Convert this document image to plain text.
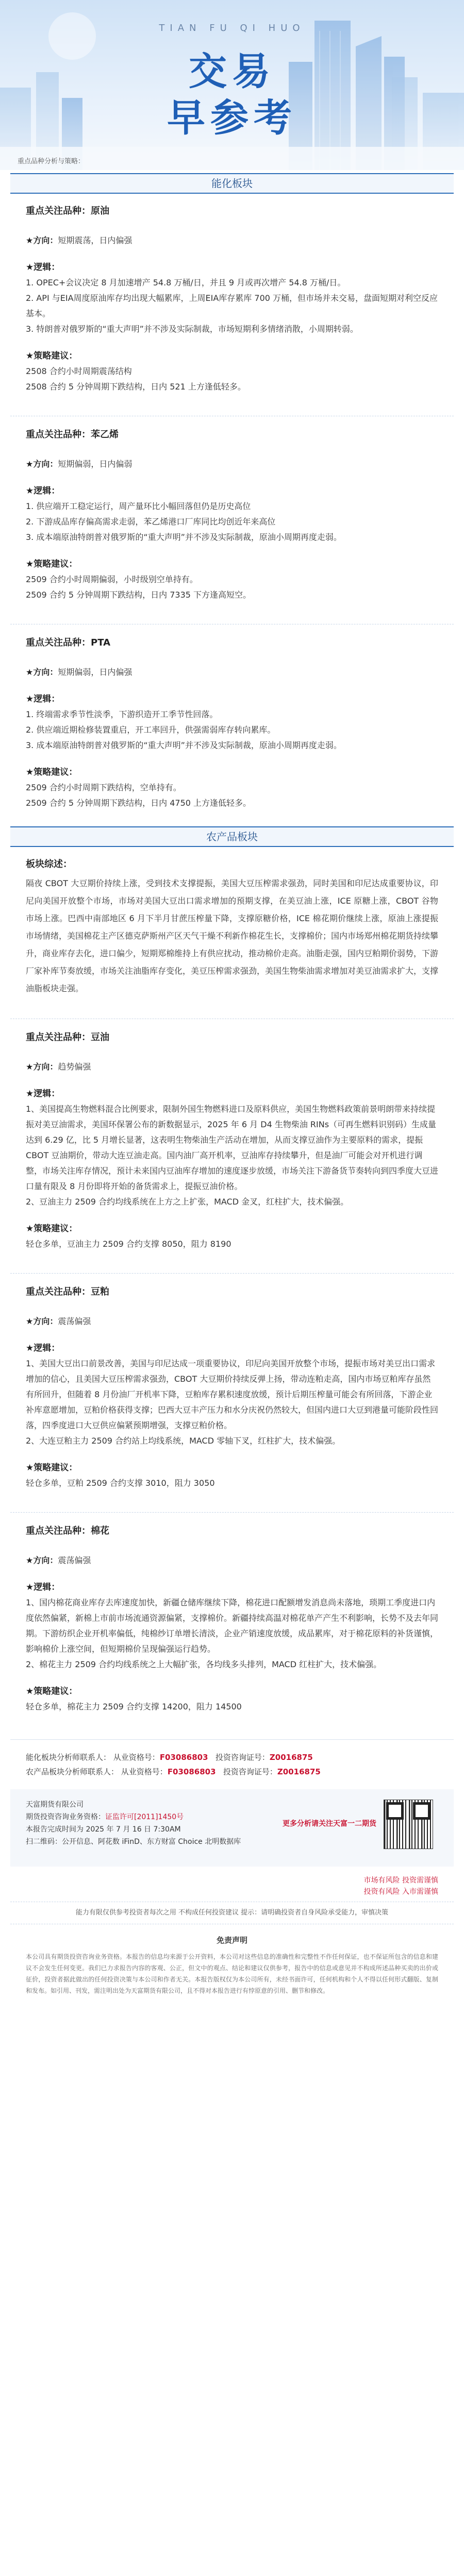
TIAN FU QI HUO
交易
早参考
重点品种分析与策略：
能化板块
重点关注品种：原油
★方向：短期震荡，日内偏强
★逻辑：
1. OPEC+会议决定 8 月加速增产 54.8 万桶/日，并且 9 月或再次增产 54.8 万桶/日。
2. API 与EIA周度原油库存均出现大幅累库，上周EIA库存累库 700 万桶，但市场并未交易，盘面短期对利空反应基本。
3. 特朗普对俄罗斯的“重大声明”并不涉及实际制裁，市场短期利多情绪消散，小周期转弱。
★策略建议：
2508 合约小时周期震荡结构
2508 合约 5 分钟周期下跌结构，日内 521 上方逢低轻多。
重点关注品种：苯乙烯
★方向：短期偏弱，日内偏弱
★逻辑：
1. 供应端开工稳定运行，周产量环比小幅回落但仍是历史高位
2. 下游成品库存偏高需求走弱，苯乙烯港口厂库同比均创近年来高位
3. 成本端原油特朗普对俄罗斯的“重大声明”并不涉及实际制裁，原油小周期再度走弱。
★策略建议：
2509 合约小时周期偏弱，小时级别空单持有。
2509 合约 5 分钟周期下跌结构，日内 7335 下方逢高短空。
重点关注品种：PTA
★方向：短期偏弱，日内偏强
★逻辑：
1. 终端需求季节性淡季，下游织造开工季节性回落。
2. 供应端近期检修装置重启，开工率回升，供强需弱库存转向累库。
3. 成本端原油特朗普对俄罗斯的“重大声明”并不涉及实际制裁，原油小周期再度走弱。
★策略建议：
2509 合约小时周期下跌结构，空单持有。
2509 合约 5 分钟周期下跌结构，日内 4750 上方逢低轻多。
农产品板块
板块综述：
隔夜 CBOT 大豆期价持续上涨，受到技术支撑提振，美国大豆压榨需求强劲，同时美国和印尼达成重要协议，印尼向美国开放整个市场，市场对美国大豆出口需求增加的预期支撑，在美豆油上涨，ICE 原糖上涨，CBOT 谷物市场上涨。巴西中南部地区 6 月下半月甘蔗压榨量下降，支撑原糖价格，ICE 棉花期价继续上涨，原油上涨提振市场情绪，美国棉花主产区德克萨斯州产区天气干燥不利新作棉花生长，支撑棉价；国内市场郑州棉花期货持续攀升，商业库存去化，进口偏少，短期郑棉维持上有供应扰动，推动棉价走高。油脂走强，国内豆粕期价弱势，下游厂家补库节奏放缓，市场关注油脂库存变化，美豆压榨需求强劲，美国生物柴油需求增加对美豆油需求扩大，支撑油脂板块走强。
重点关注品种：豆油
★方向：趋势偏强
★逻辑：
1、美国提高生物燃料混合比例要求，限制外国生物燃料进口及原料供应，美国生物燃料政策前景明朗带来持续提振对美豆油需求，美国环保署公布的新数据显示，2025 年 6 月 D4 生物柴油 RINs（可再生燃料识别码）生成量达到 6.29 亿，比 5 月增长显著，这表明生物柴油生产活动在增加，从而支撑豆油作为主要原料的需求，提振 CBOT 豆油期价，带动大连豆油走高。国内油厂高开机率，豆油库存持续攀升，但是油厂可能会对开机进行调整，市场关注库存情况，预计未来国内豆油库存增加的速度逐步放缓，市场关注下游备货节奏转向到四季度大豆进口量有限及 8 月份即将开始的备货需求上，提振豆油价格。
2、豆油主力 2509 合约均线系统在上方之上扩张，MACD 金叉，红柱扩大，技术偏强。
★策略建议：
轻仓多单，豆油主力 2509 合约支撑 8050，阻力 8190
重点关注品种：豆粕
★方向：震荡偏强
★逻辑：
1、美国大豆出口前景改善，美国与印尼达成一项重要协议，印尼向美国开放整个市场，提振市场对美豆出口需求增加的信心，且美国大豆压榨需求强劲，CBOT 大豆期价持续反弹上扬，带动连粕走高，国内市场豆粕库存虽然有所回升，但随着 8 月份油厂开机率下降，豆粕库存累积速度放缓，预计后期压榨量可能会有所回落，下游企业补库意愿增加，豆粕价格获得支撑；巴西大豆丰产压力和水分庆祝仍然较大，但国内进口大豆到港量可能阶段性回落，四季度进口大豆供应偏紧预期增强，支撑豆粕价格。
2、大连豆粕主力 2509 合约站上均线系统，MACD 零轴下叉，红柱扩大，技术偏强。
★策略建议：
轻仓多单，豆粕 2509 合约支撑 3010，阻力 3050
重点关注品种：棉花
★方向：震荡偏强
★逻辑：
1、国内棉花商业库存去库速度加快，新疆仓储库继续下降，棉花进口配额增发消息尚未落地，琐期工季度进口内度依然偏紧，新棉上市前市场流通资源偏紧，支撑棉价。新疆持续高温对棉花单产产生不利影响，长势不及去年同期。下游纺织企业开机率偏低，纯棉纱订单增长清淡，企业产销速度放缓，成品累库，对于棉花原料的补货谨慎，影响棉价上涨空间，但短期棉价呈现偏强运行趋势。
2、棉花主力 2509 合约均线系统之上大幅扩张，各均线多头排列，MACD 红柱扩大，技术偏强。
★策略建议：
轻仓多单，棉花主力 2509 合约支撑 14200，阻力 14500
能化板块分析师联系人： 从业资格号：F03086803 投资咨询证号：Z0016875
农产品板块分析师联系人： 从业资格号：F03086803 投资咨询证号：Z0016875
天富期货有限公司
期货投资咨询业务资格：证监许可[2011]1450号
本报告完成时间为 2025 年 7 月 16 日 7:30AM
扫二维码：公开信息、阿花数 iFinD、东方财富 Choice 北明数据库
更多分析请关注天富一二期货
市场有风险 投资需谨慎
投资有风险 入市需谨慎
能力有限仅供参考投资者每次之用 不构成任何投资建议 提示：请明确投资者自身风险承受能力，审慎决策
免责声明
本公司具有期货投资咨询业务资格。本报告的信息均来源于公开资料，本公司对这些信息的准确性和完整性不作任何保证，也不保证所包含的信息和建议不会发生任何变更。我们已力求报告内容的客观、公正，但文中的观点、结论和建议仅供参考，报告中的信息或意见并不构成所述品种买卖的出价或征价，投资者据此做出的任何投资决策与本公司和作者无关。本报告版权仅为本公司所有，未经书面许可，任何机构和个人不得以任何形式翻版、复制和发布。如引用、刊发，需注明出处为天富期货有限公司，且不得对本报告进行有悖原意的引用、删节和修改。
